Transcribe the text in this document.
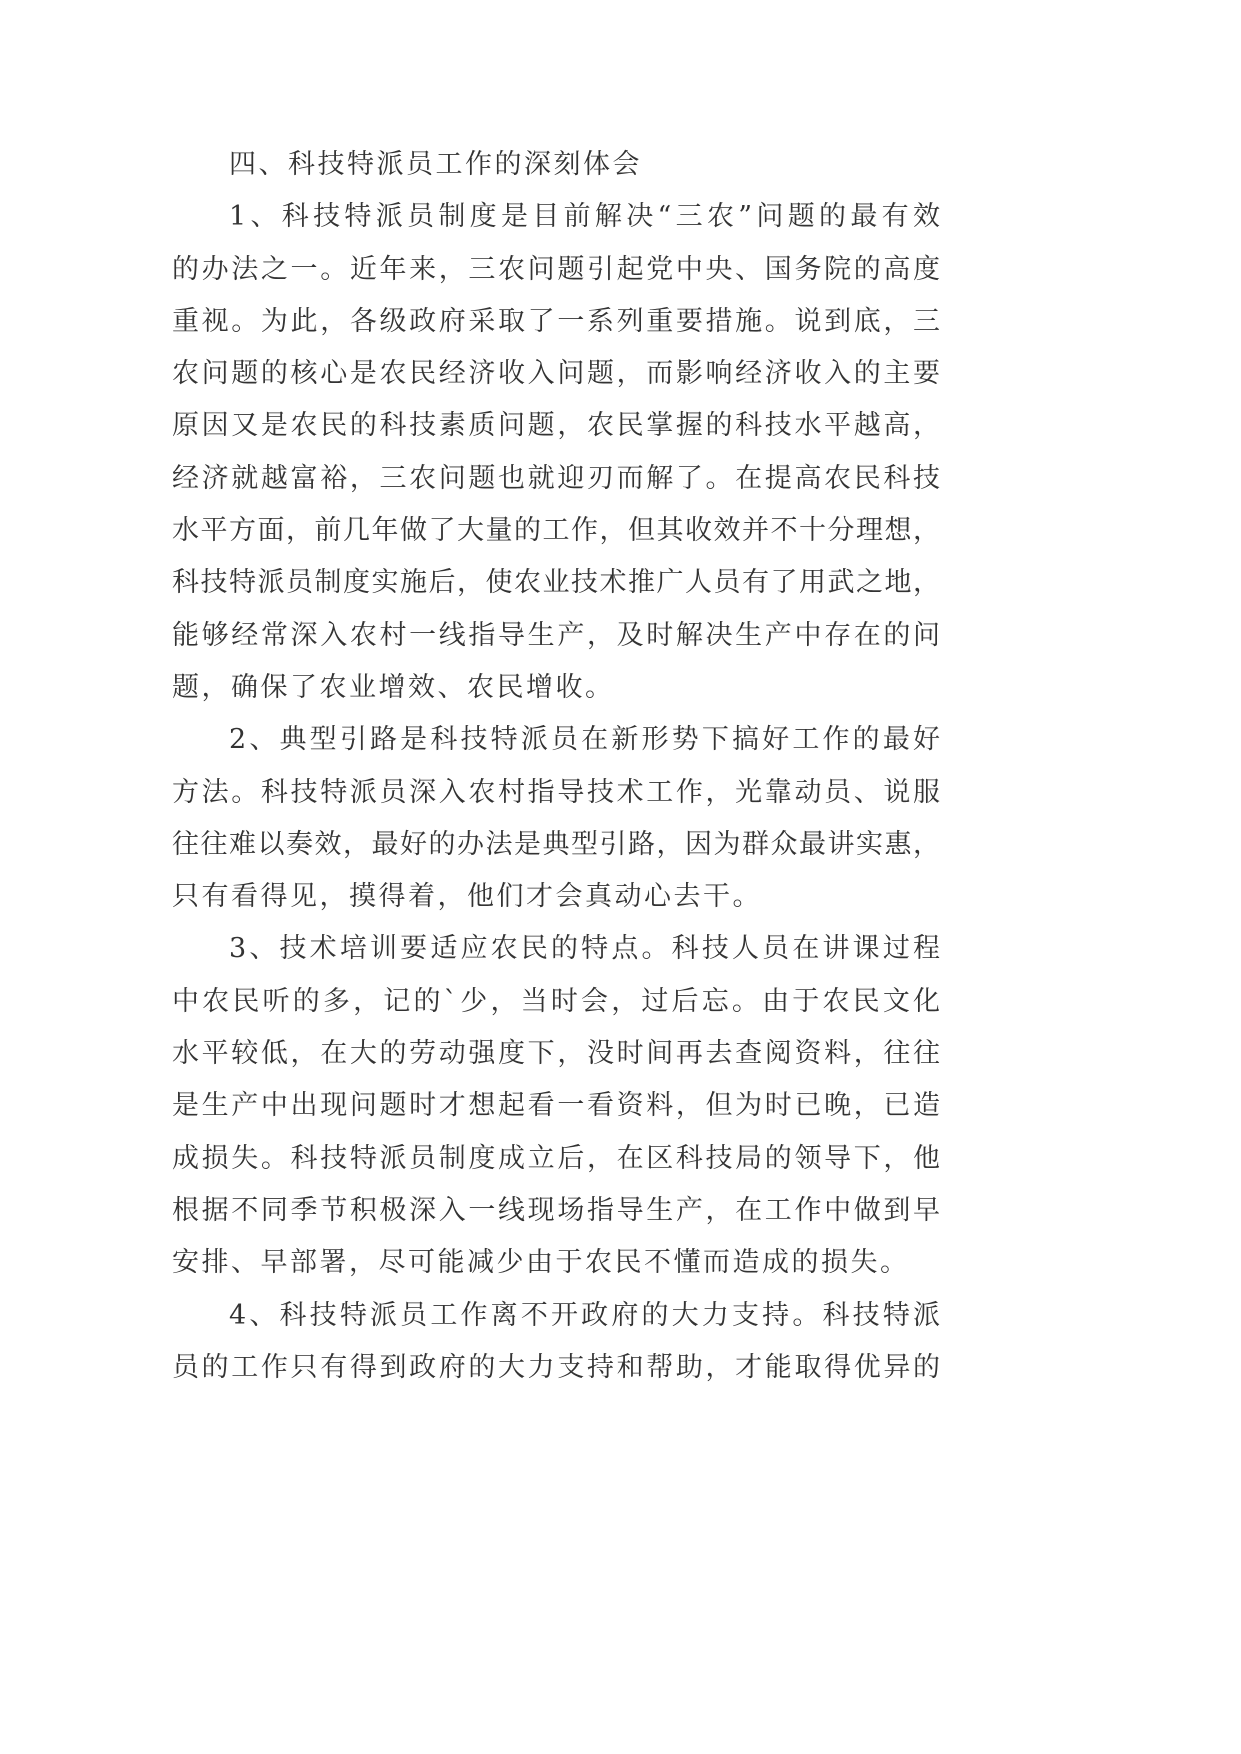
四、科技特派员工作的深刻体会
1、科技特派员制度是目前解决“三农”问题的最有效
的办法之一。近年来，三农问题引起党中央、国务院的高度
重视。为此，各级政府采取了一系列重要措施。说到底，三
农问题的核心是农民经济收入问题，而影响经济收入的主要
原因又是农民的科技素质问题，农民掌握的科技水平越高，
经济就越富裕，三农问题也就迎刃而解了。在提高农民科技
水平方面，前几年做了大量的工作，但其收效并不十分理想，
科技特派员制度实施后，使农业技术推广人员有了用武之地，
能够经常深入农村一线指导生产，及时解决生产中存在的问
题，确保了农业增效、农民增收。
2、典型引路是科技特派员在新形势下搞好工作的最好
方法。科技特派员深入农村指导技术工作，光靠动员、说服
往往难以奏效，最好的办法是典型引路，因为群众最讲实惠，
只有看得见，摸得着，他们才会真动心去干。
3、技术培训要适应农民的特点。科技人员在讲课过程
中农民听的多，记的`少，当时会，过后忘。由于农民文化
水平较低，在大的劳动强度下，没时间再去查阅资料，往往
是生产中出现问题时才想起看一看资料，但为时已晚，已造
成损失。科技特派员制度成立后，在区科技局的领导下，他
根据不同季节积极深入一线现场指导生产，在工作中做到早
安排、早部署，尽可能减少由于农民不懂而造成的损失。
4、科技特派员工作离不开政府的大力支持。科技特派
员的工作只有得到政府的大力支持和帮助，才能取得优异的
